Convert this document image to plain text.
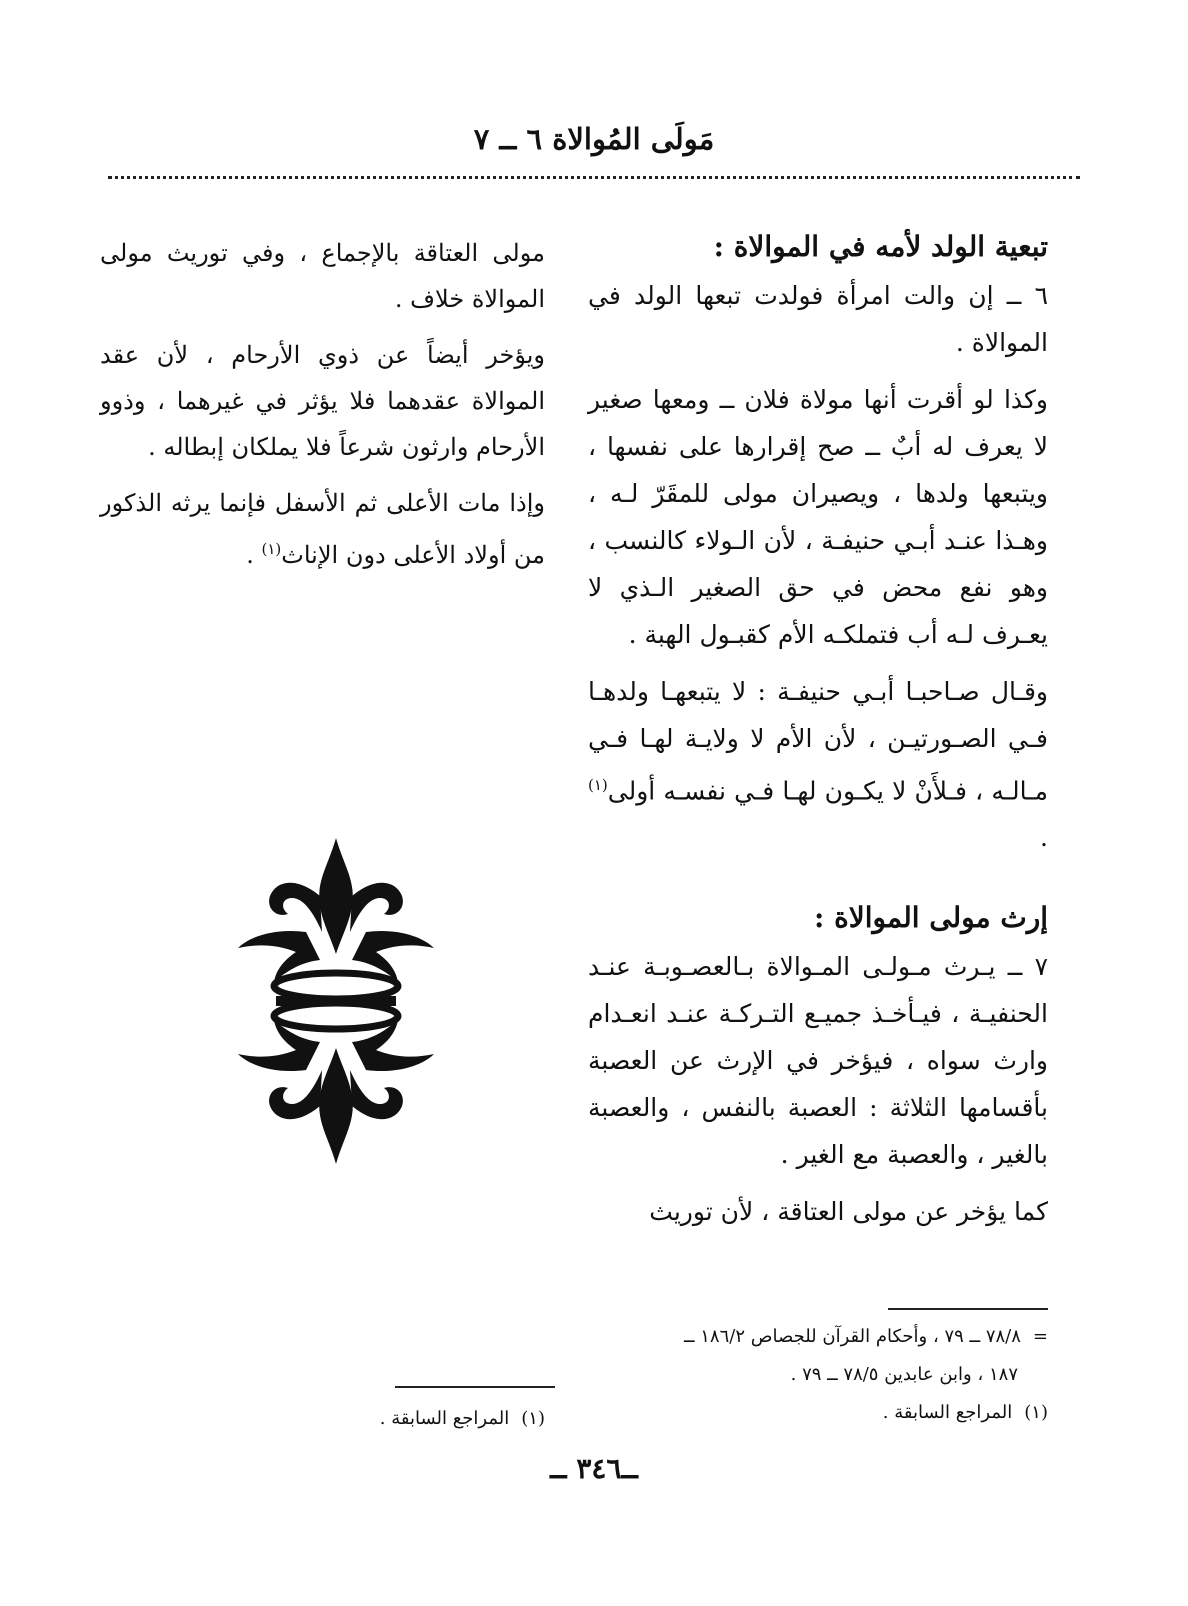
مَولَى المُوالاة ٦ ــ ٧

تبعية الولد لأمه في الموالاة :

٦ ــ إن والت امرأة فولدت تبعها الولد في الموالاة .

وكذا لو أقرت أنها مولاة فلان ــ ومعها صغير لا يعرف له أبٌ ــ صح إقرارها على نفسها ، ويتبعها ولدها ، ويصيران مولى للمقَرّ لـه ، وهـذا عنـد أبـي حنيفـة ، لأن الـولاء كالنسب ، وهو نفع محض في حق الصغير الـذي لا يعـرف لـه أب فتملكـه الأم كقبـول الهبة .

وقـال صـاحبـا أبـي حنيفـة : لا يتبعهـا ولدهـا فـي الصـورتيـن ، لأن الأم لا ولايـة لهـا فـي مـالـه ، فـلأَنْ لا يكـون لهـا فـي نفسـه أولى$^{(١)}$ .

إرث مولى الموالاة :

٧ ــ يـرث مـولـى المـوالاة بـالعصـوبـة عنـد الحنفيـة ، فيـأخـذ جميـع التـركـة عنـد انعـدام وارث سواه ، فيؤخر في الإرث عن العصبة بأقسامها الثلاثة : العصبة بالنفس ، والعصبة بالغير ، والعصبة مع الغير .

كما يؤخر عن مولى العتاقة ، لأن توريث

مولى العتاقة بالإجماع ، وفي توريث مولى الموالاة خلاف .

ويؤخر أيضاً عن ذوي الأرحام ، لأن عقد الموالاة عقدهما فلا يؤثر في غيرهما ، وذوو الأرحام وارثون شرعاً فلا يملكان إبطاله .

وإذا مات الأعلى ثم الأسفل فإنما يرثه الذكور من أولاد الأعلى دون الإناث$^{(١)}$ .

=٧٨/٨ ــ ٧٩ ، وأحكام القرآن للجصاص ١٨٦/٢ ــ

١٨٧ ، وابن عابدين ٧٨/٥ ــ ٧٩ .

(١)المراجع السابقة .

(١)المراجع السابقة .

ــ٣٤٦ ــ
